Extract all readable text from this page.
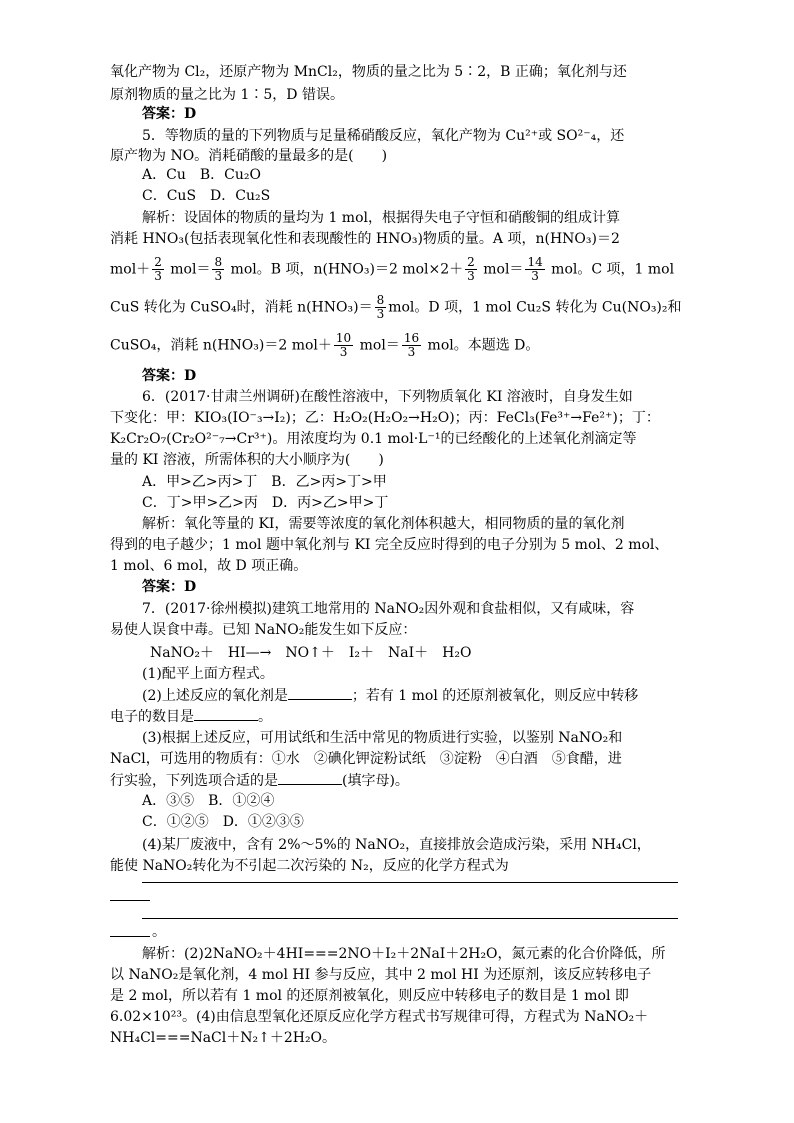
氧化产物为 Cl₂，还原产物为 MnCl₂，物质的量之比为 5∶2，B 正确；氧化剂与还
原剂物质的量之比为 1∶5，D 错误。
答案：D
5．等物质的量的下列物质与足量稀硝酸反应，氧化产物为 Cu²⁺或 SO²⁻₄，还
原产物为 NO。消耗硝酸的量最多的是(　　)
A．Cu　B．Cu₂O
C．CuS　D．Cu₂S
解析：设固体的物质的量均为 1 mol，根据得失电子守恒和硝酸铜的组成计算
消耗 HNO₃(包括表现氧化性和表现酸性的 HNO₃)物质的量。A 项，n(HNO₃)＝2
$mol+ \frac{2}{3} mol= \frac{8}{3}$ mol。B 项，n(HNO₃)＝2 $mol\times 2+ \frac{2}{3} mol= \frac{14}{3}$ mol。C 项，1 mol
CuS 转化为 CuSO₄时，消耗 $n(HNO_3)= \frac{8}{3}$ mol。D 项，1 mol Cu₂S 转化为 Cu(NO₃)₂和
CuSO₄，消耗 n(HNO₃)＝2 $mol+ \frac{10}{3} mol= \frac{16}{3}$ mol。本题选 D。
答案：D
6．(2017·甘肃兰州调研)在酸性溶液中，下列物质氧化 KI 溶液时，自身发生如
下变化：甲：KIO₃(IO⁻₃→I₂)；乙：H₂O₂(H₂O₂→H₂O)；丙：FeCl₃(Fe³⁺→Fe²⁺)；丁：
K₂Cr₂O₇(Cr₂O²⁻₇→Cr³⁺)。用浓度均为 0.1 mol·L⁻¹的已经酸化的上述氧化剂滴定等
量的 KI 溶液，所需体积的大小顺序为(　　)
A．甲>乙>丙>丁　B．乙>丙>丁>甲
C．丁>甲>乙>丙　D．丙>乙>甲>丁
解析：氧化等量的 KI，需要等浓度的氧化剂体积越大，相同物质的量的氧化剂
得到的电子越少；1 mol 题中氧化剂与 KI 完全反应时得到的电子分别为 5 mol、2 mol、
1 mol、6 mol，故 D 项正确。
答案：D
7．(2017·徐州模拟)建筑工地常用的 NaNO₂因外观和食盐相似，又有咸味，容
易使人误食中毒。已知 NaNO₂能发生如下反应：
NaNO₂＋　HI—→　NO↑＋　I₂＋　NaI＋　H₂O
(1)配平上面方程式。
(2)上述反应的氧化剂是	；若有 1 mol 的还原剂被氧化，则反应中转移
电子的数目是	。
(3)根据上述反应，可用试纸和生活中常见的物质进行实验，以鉴别 NaNO₂和
NaCl，可选用的物质有：①水　②碘化钾淀粉试纸　③淀粉　④白酒　⑤食醋，进
行实验，下列选项合适的是	(填字母)。
A．③⑤　B．①②④
C．①②⑤　D．①②③⑤
(4)某厂废液中，含有 2%～5%的 NaNO₂，直接排放会造成污染，采用 NH₄Cl，
能使 NaNO₂转化为不引起二次污染的 N₂，反应的化学方程式为
。
解析：(2)2NaNO₂＋4HI===2NO＋I₂＋2NaI＋2H₂O，氮元素的化合价降低，所
以 NaNO₂是氧化剂，4 mol HI 参与反应，其中 2 mol HI 为还原剂，该反应转移电子
是 2 mol，所以若有 1 mol 的还原剂被氧化，则反应中转移电子的数目是 1 mol 即
6.02×10²³。(4)由信息型氧化还原反应化学方程式书写规律可得，方程式为 NaNO₂＋
NH₄Cl===NaCl＋N₂↑＋2H₂O。
